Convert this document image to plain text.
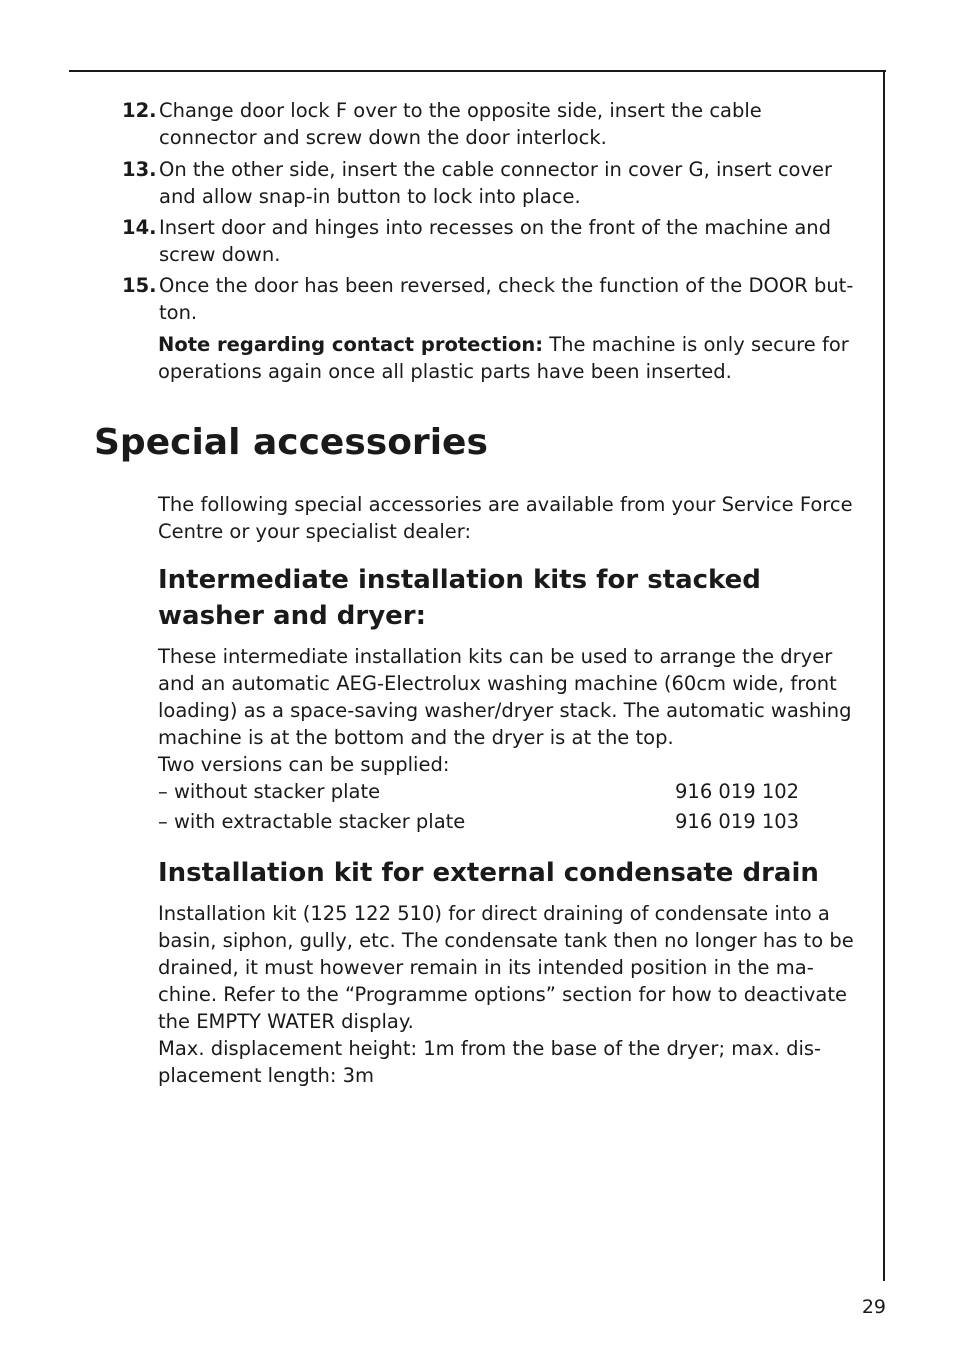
12. Change door lock F over to the opposite side, insert the cable connector and screw down the door interlock.
13. On the other side, insert the cable connector in cover G, insert cover and allow snap-in button to lock into place.
14. Insert door and hinges into recesses on the front of the machine and screw down.
15. Once the door has been reversed, check the function of the DOOR but-ton.
Note regarding contact protection: The machine is only secure for operations again once all plastic parts have been inserted.
Special accessories
The following special accessories are available from your Service Force Centre or your specialist dealer:
Intermediate installation kits for stacked washer and dryer:
These intermediate installation kits can be used to arrange the dryer and an automatic AEG-Electrolux washing machine (60cm wide, front loading) as a space-saving washer/dryer stack. The automatic washing machine is at the bottom and the dryer is at the top.
Two versions can be supplied:
– without stacker plate	916 019 102
– with extractable stacker plate	916 019 103
Installation kit for external condensate drain
Installation kit (125 122 510) for direct draining of condensate into a basin, siphon, gully, etc. The condensate tank then no longer has to be drained, it must however remain in its intended position in the ma-chine. Refer to the “Programme options” section for how to deactivate the EMPTY WATER display.
Max. displacement height: 1m from the base of the dryer; max. dis-placement length: 3m
29
